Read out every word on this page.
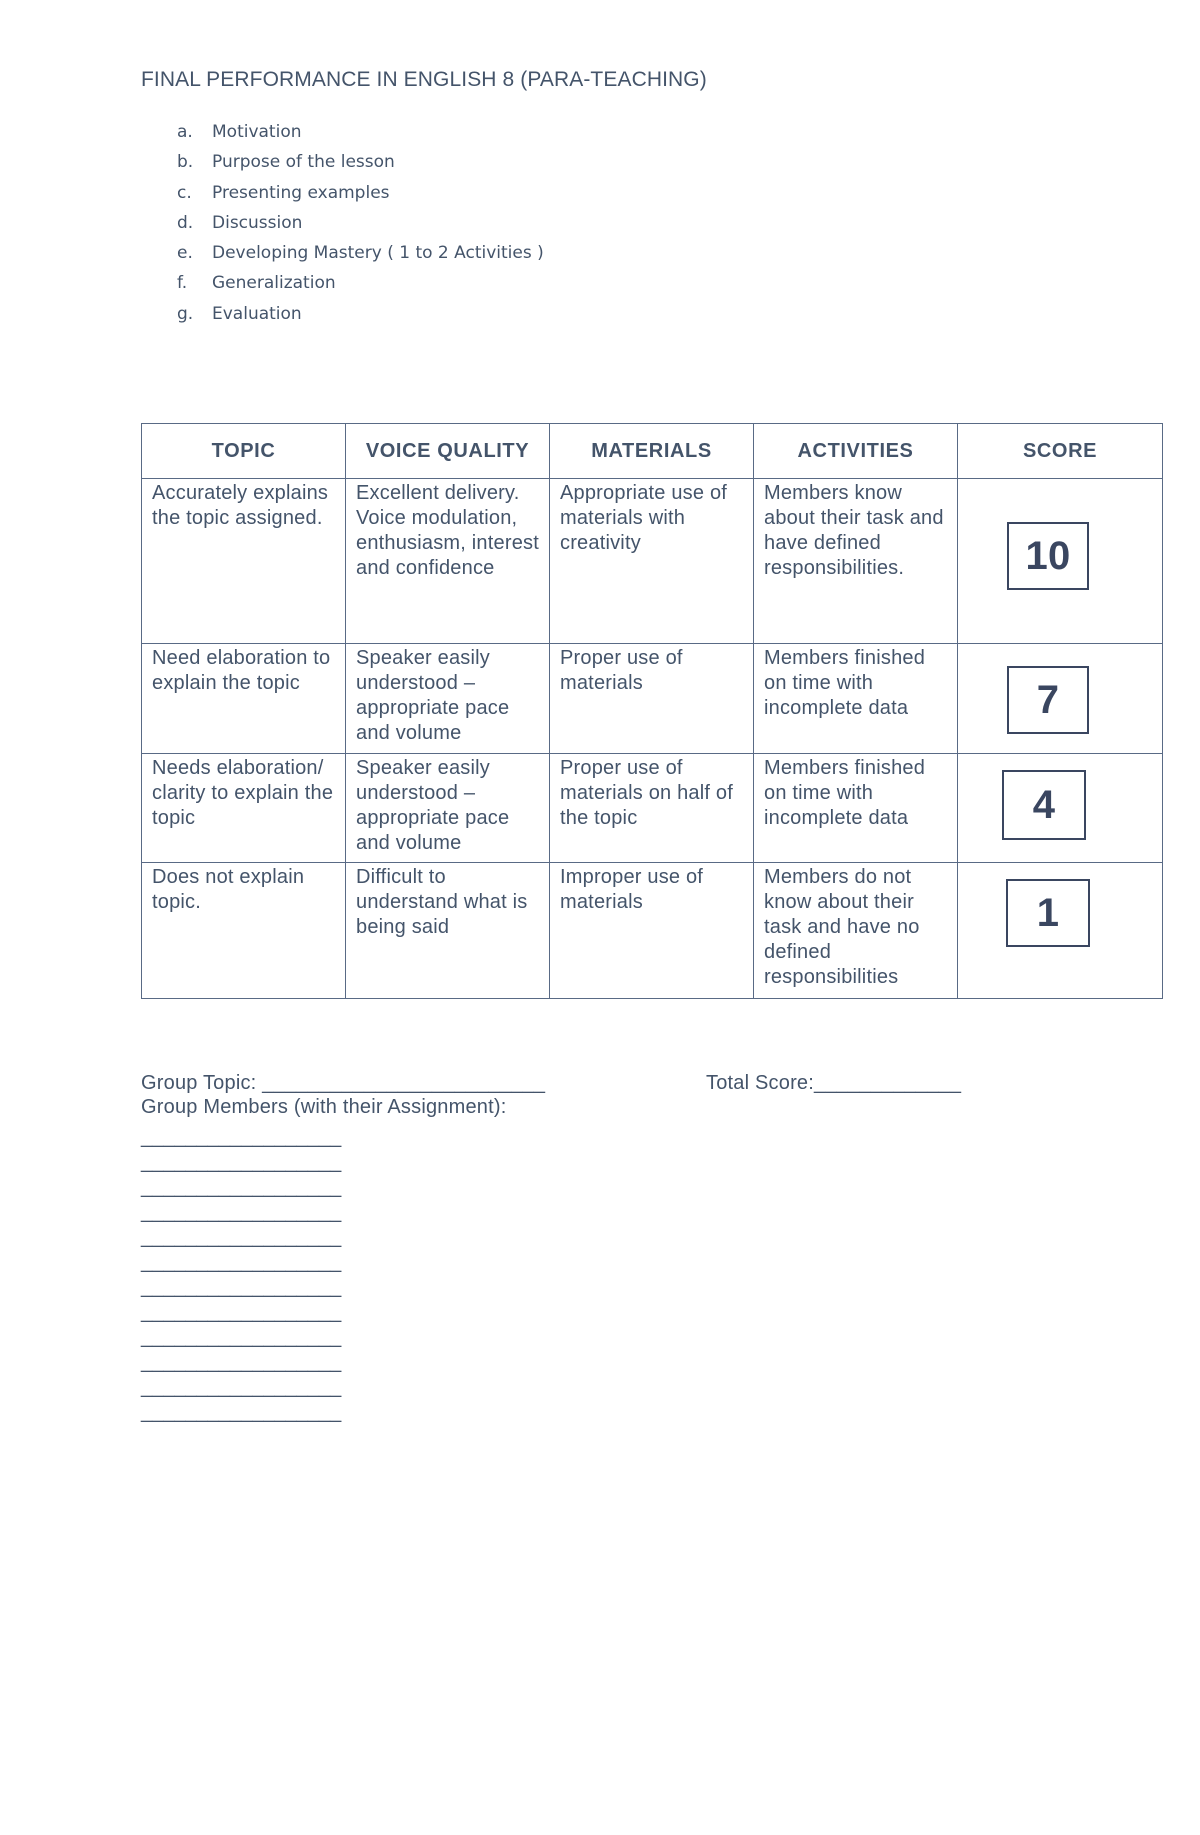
FINAL PERFORMANCE IN ENGLISH 8 (PARA-TEACHING)
a. Motivation
b. Purpose of the lesson
c. Presenting examples
d. Discussion
e. Developing Mastery ( 1 to 2 Activities )
f. Generalization
g. Evaluation
TOPIC	VOICE QUALITY	MATERIALS	ACTIVITIES	SCORE
Accurately explains the topic assigned.	Excellent delivery. Voice modulation, enthusiasm, interest and confidence	Appropriate use of materials with creativity	Members know about their task and have defined responsibilities.	10

Need elaboration to explain the topic	Speaker easily understood – appropriate pace and volume	Proper use of materials	Members finished on time with incomplete data	7

Needs elaboration/ clarity to explain the topic	Speaker easily understood – appropriate pace and volume	Proper use of materials on half of the topic	Members finished on time with incomplete data	4

Does not explain topic.	Difficult to understand what is being said	Improper use of materials	Members do not know about their task and have no defined responsibilities	1
Group Topic: _________________________	Total Score:_____________
Group Members (with their Assignment):
__________________
__________________
__________________
__________________
__________________
__________________
__________________
__________________
__________________
__________________
__________________
__________________
